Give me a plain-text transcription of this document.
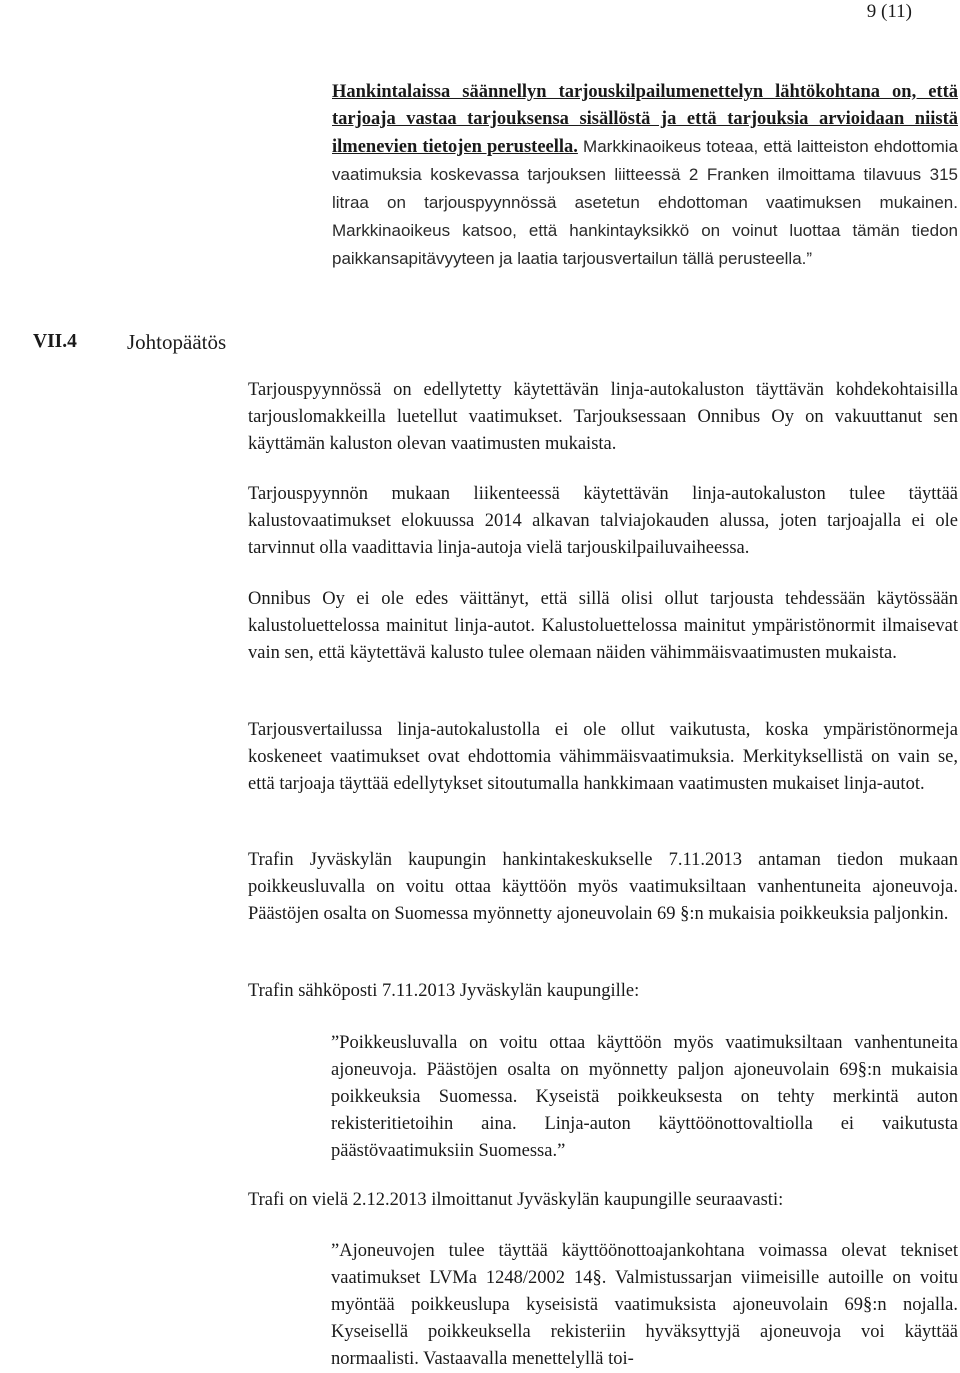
9 (11)

Hankintalaissa säännellyn tarjouskilpailumenettelyn lähtökohtana on, että tarjoaja vastaa tarjouksensa sisällöstä ja että tarjouksia arvioidaan niistä ilmenevien tietojen perusteella. Markkinaoikeus toteaa, että laitteiston ehdottomia vaatimuksia koskevassa tarjouksen liitteessä 2 Franken ilmoittama tilavuus 315 litraa on tarjouspyynnössä asetetun ehdottoman vaatimuksen mukainen. Markkinaoikeus katsoo, että hankintayksikkö on voinut luottaa tämän tiedon paikkansapitävyyteen ja laatia tarjousvertailun tällä perusteella.”

VII.4 Johtopäätös

Tarjouspyynnössä on edellytetty käytettävän linja-autokaluston täyttävän kohdekohtaisilla tarjouslomakkeilla luetellut vaatimukset. Tarjouksessaan Onnibus Oy on vakuuttanut sen käyttämän kaluston olevan vaatimusten mukaista.

Tarjouspyynnön mukaan liikenteessä käytettävän linja-autokaluston tulee täyttää kalustovaatimukset elokuussa 2014 alkavan talviajokauden alussa, joten tarjoajalla ei ole tarvinnut olla vaadittavia linja-autoja vielä tarjouskilpailuvaiheessa.

Onnibus Oy ei ole edes väittänyt, että sillä olisi ollut tarjousta tehdessään käytössään kalustoluettelossa mainitut linja-autot. Kalustoluettelossa mainitut ympäristönormit ilmaisevat vain sen, että käytettävä kalusto tulee olemaan näiden vähimmäisvaatimusten mukaista.

Tarjousvertailussa linja-autokalustolla ei ole ollut vaikutusta, koska ympäristönormeja koskeneet vaatimukset ovat ehdottomia vähimmäisvaatimuksia. Merkityksellistä on vain se, että tarjoaja täyttää edellytykset sitoutumalla hankkimaan vaatimusten mukaiset linja-autot.

Trafin Jyväskylän kaupungin hankintakeskukselle 7.11.2013 antaman tiedon mukaan poikkeusluvalla on voitu ottaa käyttöön myös vaatimuksiltaan vanhentuneita ajoneuvoja. Päästöjen osalta on Suomessa myönnetty ajoneuvolain 69 §:n mukaisia poikkeuksia paljonkin.

Trafin sähköposti 7.11.2013 Jyväskylän kaupungille:

”Poikkeusluvalla on voitu ottaa käyttöön myös vaatimuksiltaan vanhentuneita ajoneuvoja. Päästöjen osalta on myönnetty paljon ajoneuvolain 69§:n mukaisia poikkeuksia Suomessa. Kyseistä poikkeuksesta on tehty merkintä auton rekisteritietoihin aina. Linja-auton käyttöönottovaltiolla ei vaikutusta päästövaatimuksiin Suomessa.”

Trafi on vielä 2.12.2013 ilmoittanut Jyväskylän kaupungille seuraavasti:

”Ajoneuvojen tulee täyttää käyttöönottoajankohtana voimassa olevat tekniset vaatimukset LVMa 1248/2002 14§. Valmistussarjan viimeisille autoille on voitu myöntää poikkeuslupa kyseisistä vaatimuksista ajoneuvolain 69§:n nojalla. Kyseisellä poikkeuksella rekisteriin hyväksyttyjä ajoneuvoja voi käyttää normaalisti. Vastaavalla menettelyllä toi-
